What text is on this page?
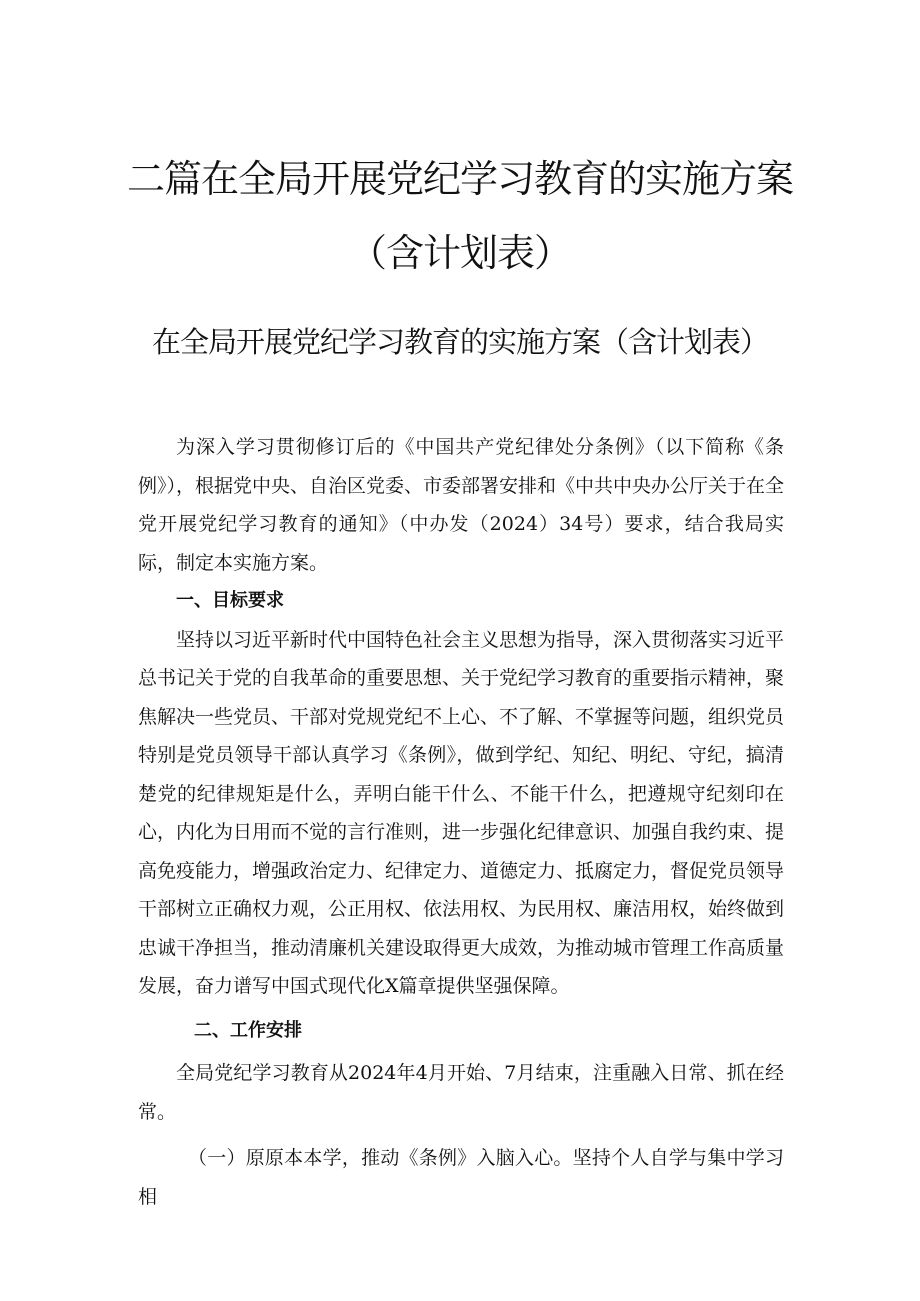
二篇在全局开展党纪学习教育的实施方案
（含计划表）
在全局开展党纪学习教育的实施方案（含计划表）

为深入学习贯彻修订后的《中国共产党纪律处分条例》（以下简称《条例》），根据党中央、自治区党委、市委部署安排和《中共中央办公厅关于在全党开展党纪学习教育的通知》（中办发（2024）34号）要求，结合我局实际，制定本实施方案。

一、目标要求

坚持以习近平新时代中国特色社会主义思想为指导，深入贯彻落实习近平总书记关于党的自我革命的重要思想、关于党纪学习教育的重要指示精神，聚焦解决一些党员、干部对党规党纪不上心、不了解、不掌握等问题，组织党员特别是党员领导干部认真学习《条例》，做到学纪、知纪、明纪、守纪，搞清楚党的纪律规矩是什么，弄明白能干什么、不能干什么，把遵规守纪刻印在心，内化为日用而不觉的言行准则，进一步强化纪律意识、加强自我约束、提高免疫能力，增强政治定力、纪律定力、道德定力、抵腐定力，督促党员领导干部树立正确权力观，公正用权、依法用权、为民用权、廉洁用权，始终做到忠诚干净担当，推动清廉机关建设取得更大成效，为推动城市管理工作高质量发展，奋力谱写中国式现代化X篇章提供坚强保障。

二、工作安排

全局党纪学习教育从2024年4月开始、7月结束，注重融入日常、抓在经常。

（一）原原本本学，推动《条例》入脑入心。坚持个人自学与集中学习相
